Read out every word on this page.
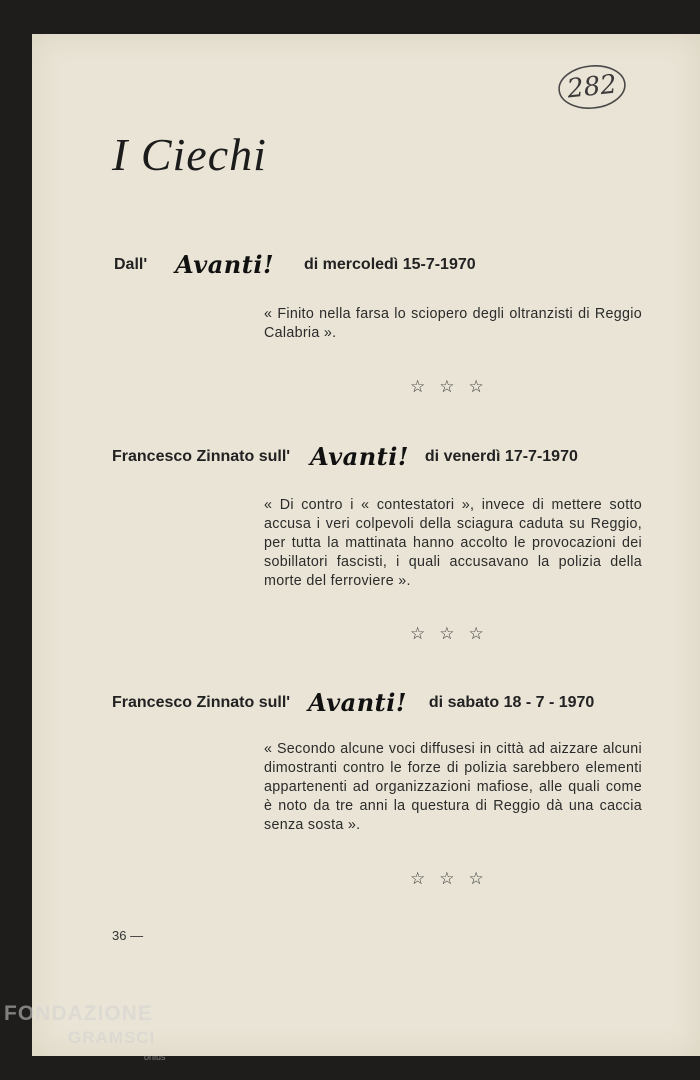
282
I Ciechi
Dall' Avanti! di mercoledì 15-7-1970

« Finito nella farsa lo sciopero degli oltranzisti di Reggio Calabria ».

☆☆☆
Francesco Zinnato sull' Avanti! di venerdì 17-7-1970

« Di contro i « contestatori », invece di mettere sotto accusa i veri colpevoli della sciagura caduta su Reggio, per tutta la mattinata hanno accolto le provocazioni dei sobillatori fascisti, i quali accusavano la polizia della morte del ferroviere ».

☆☆☆
Francesco Zinnato sull' Avanti! di sabato 18 - 7 - 1970

« Secondo alcune voci diffusesi in città ad aizzare alcuni dimostranti contro le forze di polizia sarebbero elementi appartenenti ad organizzazioni mafiose, alle quali come è noto da tre anni la questura di Reggio dà una caccia senza sosta ».

☆☆☆
36 —
FONDAZIONE
GRAMSCI
onlus
